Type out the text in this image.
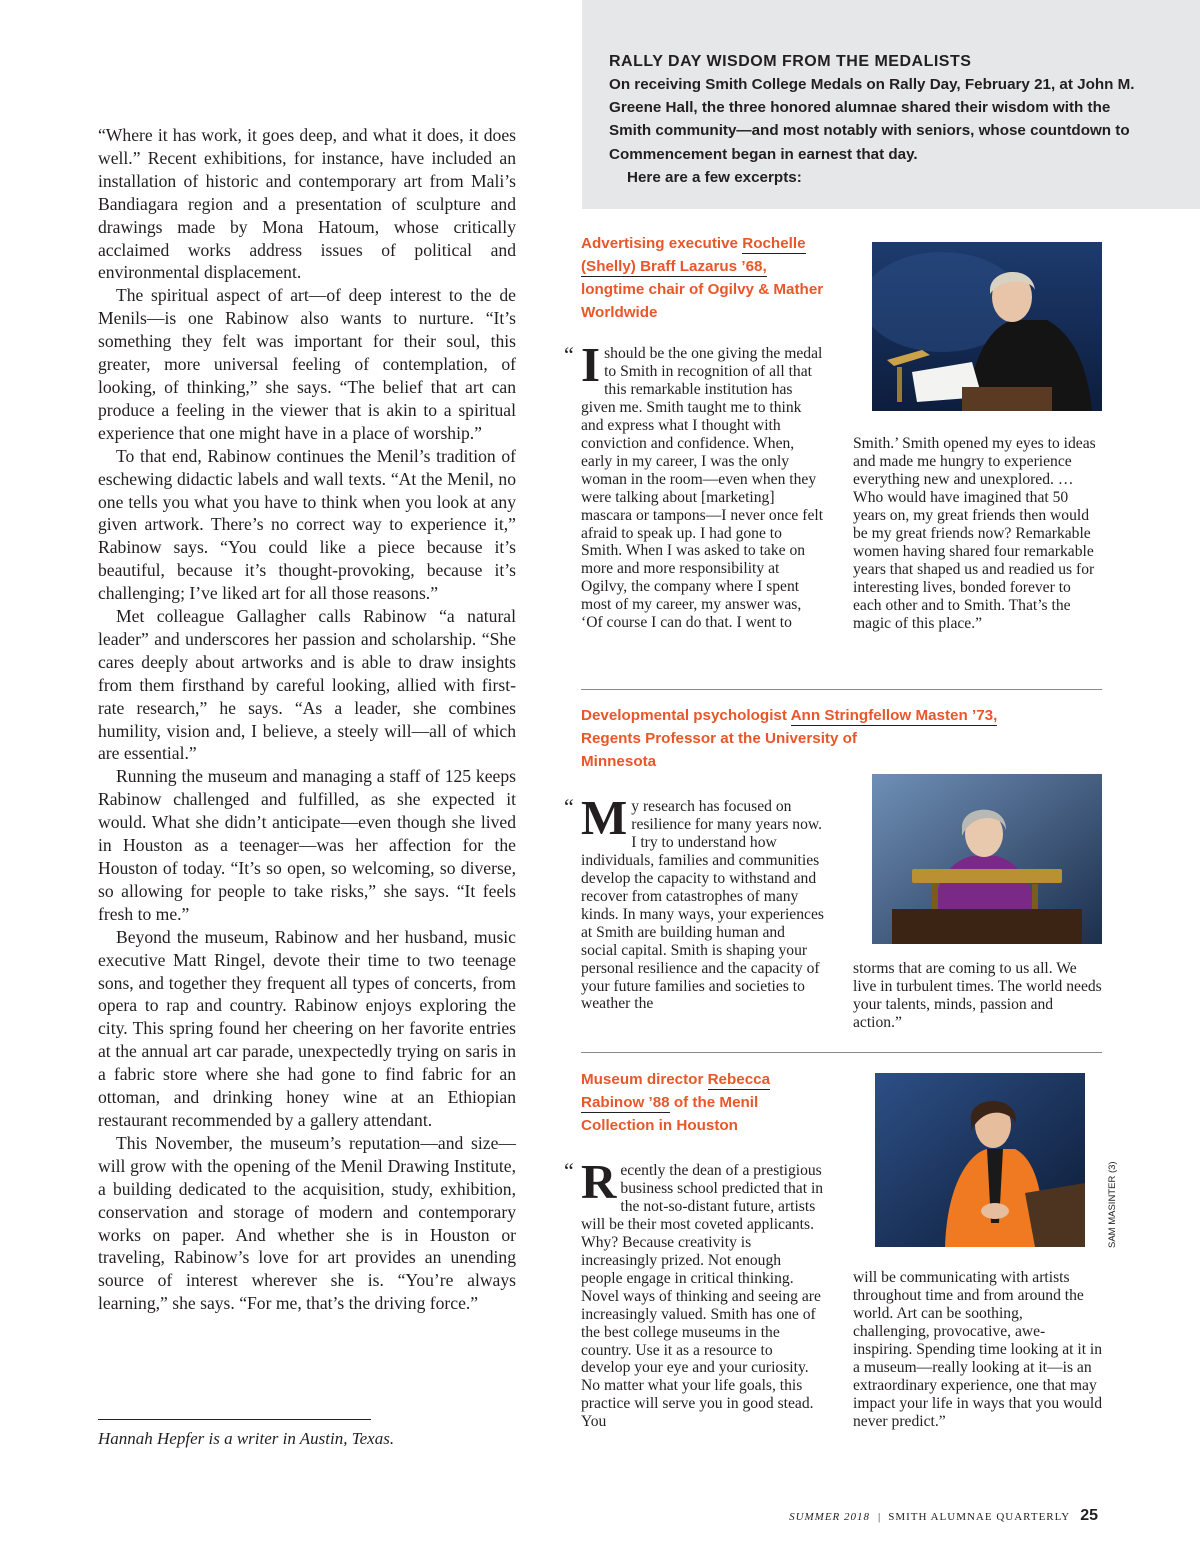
“Where it has work, it goes deep, and what it does, it does well.” Recent exhibitions, for instance, have included an installation of historic and contemporary art from Mali’s Bandiagara region and a presentation of sculpture and drawings made by Mona Hatoum, whose critically acclaimed works address issues of political and environmental displacement.

The spiritual aspect of art—of deep interest to the de Menils—is one Rabinow also wants to nurture. “It’s something they felt was important for their soul, this greater, more universal feeling of contemplation, of looking, of thinking,” she says. “The belief that art can produce a feeling in the viewer that is akin to a spiritual experience that one might have in a place of worship.”

To that end, Rabinow continues the Menil’s tradition of eschewing didactic labels and wall texts. “At the Menil, no one tells you what you have to think when you look at any given artwork. There’s no correct way to experience it,” Rabinow says. “You could like a piece because it’s beautiful, because it’s thought-provoking, because it’s challenging; I’ve liked art for all those reasons.”

Met colleague Gallagher calls Rabinow “a natural leader” and underscores her passion and scholarship. “She cares deeply about artworks and is able to draw insights from them firsthand by careful looking, allied with first-rate research,” he says. “As a leader, she combines humility, vision and, I believe, a steely will—all of which are essential.”

Running the museum and managing a staff of 125 keeps Rabinow challenged and fulfilled, as she expected it would. What she didn’t anticipate—even though she lived in Houston as a teenager—was her affection for the Houston of today. “It’s so open, so welcoming, so diverse, so allowing for people to take risks,” she says. “It feels fresh to me.”

Beyond the museum, Rabinow and her husband, music executive Matt Ringel, devote their time to two teenage sons, and together they frequent all types of concerts, from opera to rap and country. Rabinow enjoys exploring the city. This spring found her cheering on her favorite entries at the annual art car parade, unexpectedly trying on saris in a fabric store where she had gone to find fabric for an ottoman, and drinking honey wine at an Ethiopian restaurant recommended by a gallery attendant.

This November, the museum’s reputation—and size—will grow with the opening of the Menil Drawing Institute, a building dedicated to the acquisition, study, exhibition, conservation and storage of modern and contemporary works on paper. And whether she is in Houston or traveling, Rabinow’s love for art provides an unending source of interest wherever she is. “You’re always learning,” she says. “For me, that’s the driving force.”

Hannah Hepfer is a writer in Austin, Texas.
RALLY DAY WISDOM FROM THE MEDALISTS

On receiving Smith College Medals on Rally Day, February 21, at John M. Greene Hall, the three honored alumnae shared their wisdom with the Smith community—and most notably with seniors, whose countdown to Commencement began in earnest that day.

Here are a few excerpts:

Advertising executive Rochelle (Shelly) Braff Lazarus ’68, longtime chair of Ogilvy & Mather Worldwide
“ Ishould be the one giving the medal to Smith in recognition of all that this remarkable institution has given me. Smith taught me to think and express what I thought with conviction and confidence. When, early in my career, I was the only woman in the room—even when they were talking about [marketing] mascara or tampons—I never once felt afraid to speak up. I had gone to Smith. When I was asked to take on more and more responsibility at Ogilvy, the company where I spent most of my career, my answer was, ‘Of course I can do that. I went to
Smith.’ Smith opened my eyes to ideas and made me hungry to experience everything new and unexplored. … Who would have imagined that 50 years on, my great friends then would be my great friends now? Remarkable women having shared four remarkable years that shaped us and readied us for interesting lives, bonded forever to each other and to Smith. That’s the magic of this place.”
Developmental psychologist Ann Stringfellow Masten ’73,
Regents Professor at the University of Minnesota
“ My research has focused on resilience for many years now. I try to understand how individuals, families and communities develop the capacity to withstand and recover from catastrophes of many kinds. In many ways, your experiences at Smith are building human and social capital. Smith is shaping your personal resilience and the capacity of your future families and societies to weather the
storms that are coming to us all. We live in turbulent times. The world needs your talents, minds, passion and action.”
Museum director Rebecca Rabinow ’88 of the Menil Collection in Houston
“ Recently the dean of a prestigious business school predicted that in the not-so-distant future, artists will be their most coveted applicants. Why? Because creativity is increasingly prized. Not enough people engage in critical thinking. Novel ways of thinking and seeing are increasingly valued. Smith has one of the best college museums in the country. Use it as a resource to develop your eye and your curiosity. No matter what your life goals, this practice will serve you in good stead. You
will be communicating with artists throughout time and from around the world. Art can be soothing, challenging, provocative, awe-inspiring. Spending time looking at it in a museum—really looking at it—is an extraordinary experience, one that may impact your life in ways that you would never predict.”
SAM MASINTER (3)
SUMMER 2018 | SMITH ALUMNAE QUARTERLY 25
